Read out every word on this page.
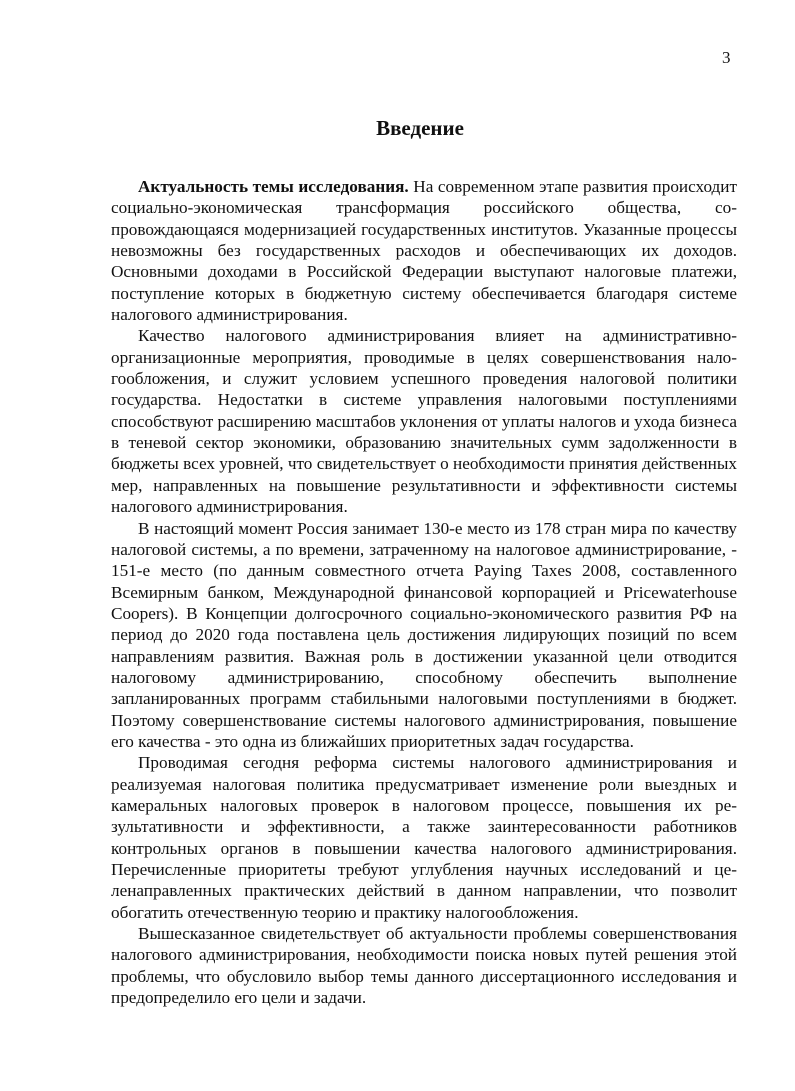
3
Введение

Актуальность темы исследования. На современном этапе развития происходит социально-экономическая трансформация российского общества, сопровождающаяся модернизацией государственных институтов. Указанные процессы невозможны без государственных расходов и обеспечивающих их доходов. Основными доходами в Российской Федерации выступают налоговые платежи, поступление которых в бюджетную систему обеспечивается благодаря системе налогового администрирования.

Качество налогового администрирования влияет на административно-организационные мероприятия, проводимые в целях совершенствования налогообложения, и служит условием успешного проведения налоговой политики государства. Недостатки в системе управления налоговыми поступлениями способствуют расширению масштабов уклонения от уплаты налогов и ухода бизнеса в теневой сектор экономики, образованию значительных сумм задолженности в бюджеты всех уровней, что свидетельствует о необходимости принятия действенных мер, направленных на повышение результативности и эффективности системы налогового администрирования.

В настоящий момент Россия занимает 130-е место из 178 стран мира по качеству налоговой системы, а по времени, затраченному на налоговое администрирование, - 151-е место (по данным совместного отчета Paying Taxes 2008, составленного Всемирным банком, Международной финансовой корпорацией и Pricewaterhouse Coopers). В Концепции долгосрочного социально-экономического развития РФ на период до 2020 года поставлена цель достижения лидирующих позиций по всем направлениям развития. Важная роль в достижении указанной цели отводится налоговому администрированию, способному обеспечить выполнение запланированных программ стабильными налоговыми поступлениями в бюджет. Поэтому совершенствование системы налогового администрирования, повышение его качества - это одна из ближайших приоритетных задач государства.

Проводимая сегодня реформа системы налогового администрирования и реализуемая налоговая политика предусматривает изменение роли выездных и камеральных налоговых проверок в налоговом процессе, повышения их результативности и эффективности, а также заинтересованности работников контрольных органов в повышении качества налогового администрирования. Перечисленные приоритеты требуют углубления научных исследований и целенаправленных практических действий в данном направлении, что позволит обогатить отечественную теорию и практику налогообложения.

Вышесказанное свидетельствует об актуальности проблемы совершенствования налогового администрирования, необходимости поиска новых путей решения этой проблемы, что обусловило выбор темы данного диссертационного исследования и предопределило его цели и задачи.
